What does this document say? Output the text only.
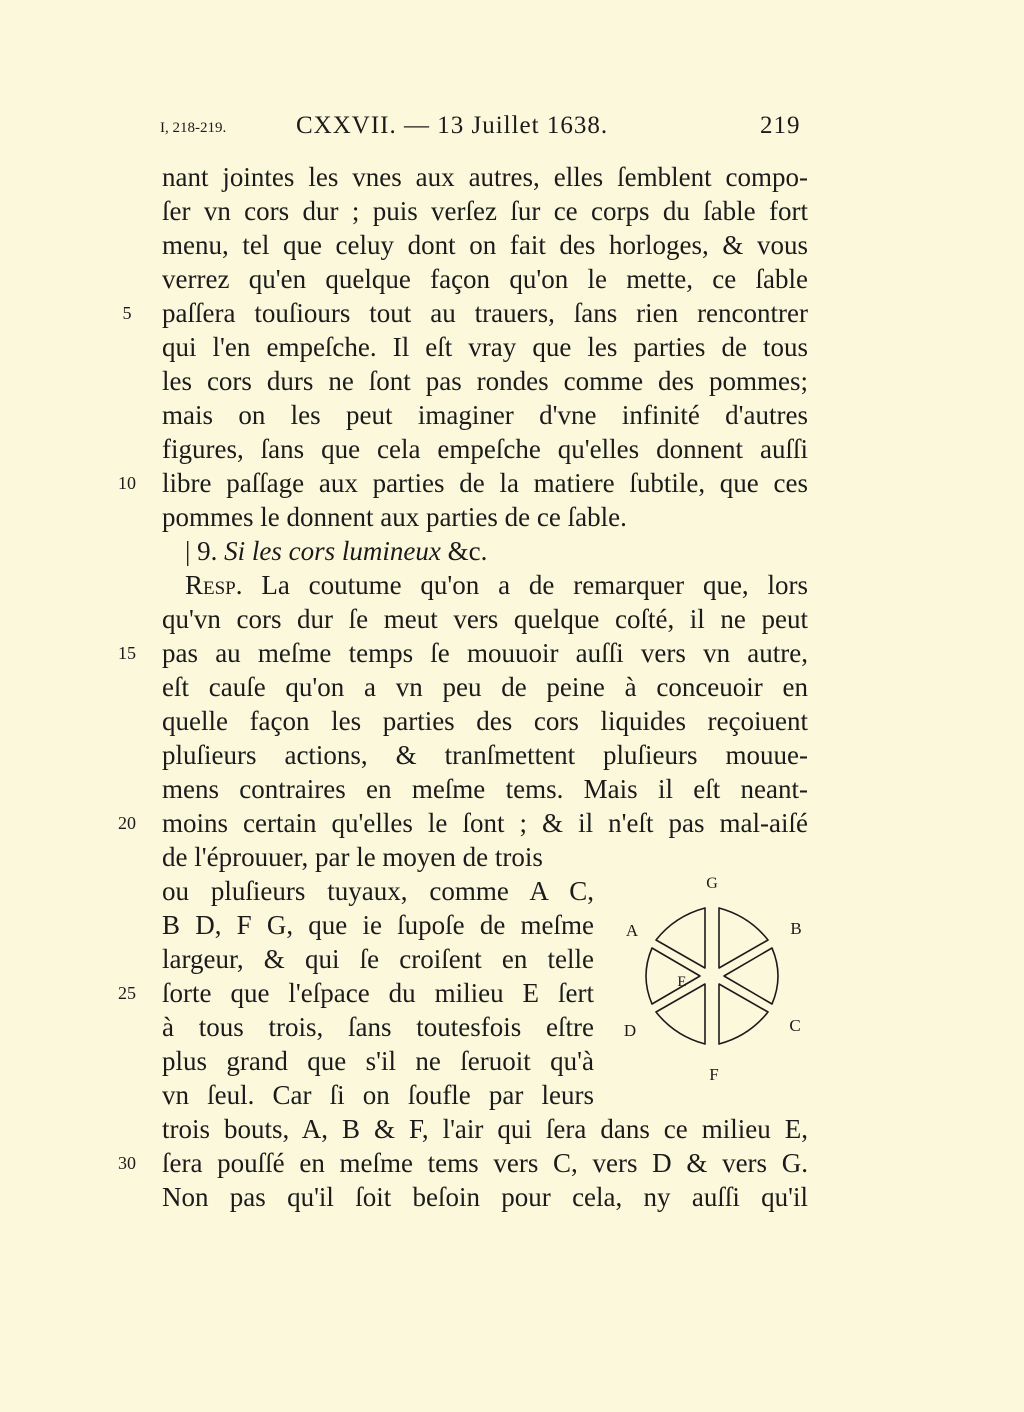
I, 218-219.	CXXVII. — 13 Juillet 1638.	219
nant jointes les vnes aux autres, elles ſemblent compo-
ſer vn cors dur ; puis verſez ſur ce corps du ſable fort
menu, tel que celuy dont on fait des horloges, & vous
verrez qu'en quelque façon qu'on le mette, ce ſable
paſſera touſiours tout au trauers, ſans rien rencontrer
qui l'en empeſche. Il eſt vray que les parties de tous
les cors durs ne ſont pas rondes comme des pommes;
mais on les peut imaginer d'vne infinité d'autres
figures, ſans que cela empeſche qu'elles donnent auſſi
libre paſſage aux parties de la matiere ſubtile, que ces
pommes le donnent aux parties de ce ſable.
| 9. Si les cors lumineux &c.
Resp. La coutume qu'on a de remarquer que, lors
qu'vn cors dur ſe meut vers quelque coſté, il ne peut
pas au meſme temps ſe mouuoir auſſi vers vn autre,
eſt cauſe qu'on a vn peu de peine à conceuoir en
quelle façon les parties des cors liquides reçoiuent
pluſieurs actions, & tranſmettent pluſieurs mouue-
mens contraires en meſme tems. Mais il eſt neant-
moins certain qu'elles le ſont ; & il n'eſt pas mal-aiſé
de l'éprouuer, par le moyen de trois
ou pluſieurs tuyaux, comme A C,
B D, F G, que ie ſupoſe de meſme
largeur, & qui ſe croiſent en telle
ſorte que l'eſpace du milieu E ſert
à tous trois, ſans toutesfois eſtre
plus grand que s'il ne ſeruoit qu'à
vn ſeul. Car ſi on ſoufle par leurs
trois bouts, A, B & F, l'air qui ſera dans ce milieu E,
ſera pouſſé en meſme tems vers C, vers D & vers G.
Non pas qu'il ſoit beſoin pour cela, ny auſſi qu'il
5
10
15
20
25
30
G
A	B
E
D	C
F
